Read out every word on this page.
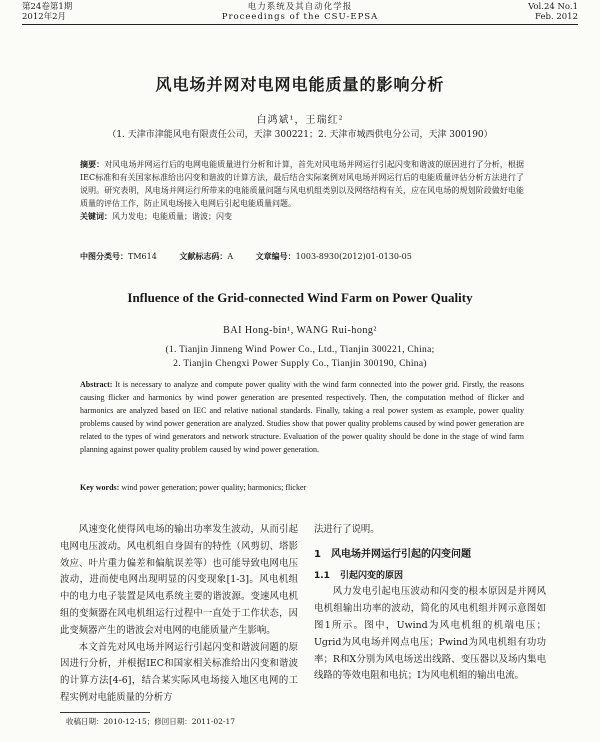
第24卷第1期
2012年2月
电力系统及其自动化学报
Proceedings of the CSU-EPSA
Vol.24 No.1
Feb. 2012
风电场并网对电网电能质量的影响分析
白鸿斌¹，王瑞红²
（1. 天津市津能风电有限责任公司，天津 300221；2. 天津市城西供电分公司，天津 300190）
摘要：对风电场并网运行后的电网电能质量进行分析和计算，首先对风电场并网运行引起闪变和谐波的原因进行了分析，根据IEC标准和有关国家标准给出闪变和谐波的计算方法，最后结合实际案例对风电场并网运行后的电能质量评估分析方法进行了说明。研究表明，风电场并网运行所带来的电能质量问题与风电机组类别以及网络结构有关，应在风电场的规划阶段做好电能质量的评估工作，防止风电场接入电网后引起电能质量问题。
关键词：风力发电；电能质量；谐波；闪变
中图分类号：TM614	文献标志码：A	文章编号：1003-8930(2012)01-0130-05
Influence of the Grid-connected Wind Farm on Power Quality
BAI Hong-bin¹, WANG Rui-hong²
(1. Tianjin Jinneng Wind Power Co., Ltd., Tianjin 300221, China;
2. Tianjin Chengxi Power Supply Co., Tianjin 300190, China)
Abstract: It is necessary to analyze and compute power quality with the wind farm connected into the power grid. Firstly, the reasons causing flicker and harmonics by wind power generation are presented respectively. Then, the computation method of flicker and harmonics are analyzed based on IEC and relative national standards. Finally, taking a real power system as example, power quality problems caused by wind power generation are analyzed. Studies show that power quality problems caused by wind power generation are related to the types of wind generators and network structure. Evaluation of the power quality should be done in the stage of wind farm planning against power quality problem caused by wind power generation.
Key words: wind power generation; power quality; harmonics; flicker

风速变化使得风电场的输出功率发生波动，从而引起电网电压波动。风电机组自身固有的特性（风剪切、塔影效应、叶片重力偏差和偏航误差等）也可能导致电网电压波动，进而使电网出现明显的闪变现象[1-3]。风电机组中的电力电子装置是风电系统主要的谐波源。变速风电机组的变频器在风电机组运行过程中一直处于工作状态，因此变频器产生的谐波会对电网的电能质量产生影响。

本文首先对风电场并网运行引起闪变和谐波问题的原因进行分析，并根据IEC和国家相关标准给出闪变和谐波的计算方法[4-6]，结合某实际风电场接入地区电网的工程实例对电能质量的分析方

法进行了说明。

1 风电场并网运行引起的闪变问题
1.1 引起闪变的原因

风力发电引起电压波动和闪变的根本原因是并网风电机组输出功率的波动，简化的风电机组并网示意图如图1所示。图中，Uwind为风电机组的机端电压；Ugrid为风电场并网点电压；Pwind为风电机组有功功率；R和X分别为风电场送出线路、变压器以及场内集电线路的等效电阻和电抗；I为风电机组的输出电流。

收稿日期：2010-12-15；修回日期：2011-02-17
